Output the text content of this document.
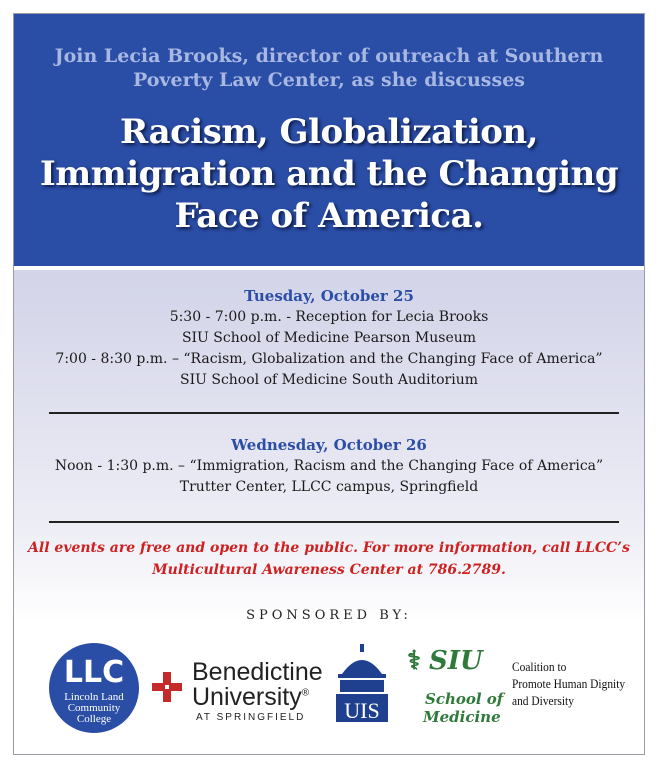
Join Lecia Brooks, director of outreach at Southern Poverty Law Center, as she discusses
Racism, Globalization, Immigration and the Changing Face of America.
Tuesday, October 25
5:30 - 7:00 p.m. - Reception for Lecia Brooks
SIU School of Medicine Pearson Museum
7:00 - 8:30 p.m. – “Racism, Globalization and the Changing Face of America”
SIU School of Medicine South Auditorium
Wednesday, October 26
Noon - 1:30 p.m. – “Immigration, Racism and the Changing Face of America”
Trutter Center, LLCC campus, Springfield
All events are free and open to the public. For more information, call LLCC’s Multicultural Awareness Center at 786.2789.
SPONSORED BY:
LLC
Lincoln Land
Community
College
Benedictine
University®
AT SPRINGFIELD UIS
⚕ SIU
School of
Medicine
Coalition to
Promote Human Dignity
and Diversity
